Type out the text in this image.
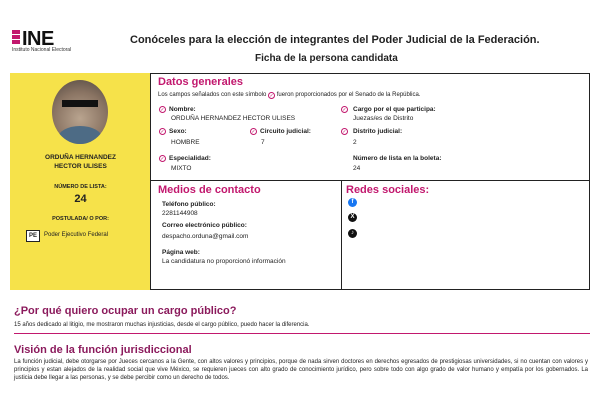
INE
Instituto Nacional Electoral
Conóceles para la elección de integrantes del Poder Judicial de la Federación.
Ficha de la persona candidata
ORDUÑA HERNANDEZ
HECTOR ULISES
NÚMERO DE LISTA:
24
POSTULADA/ O POR:
PE	Poder Ejecutivo Federal
Datos generales
Los campos señalados con este símbolo ✓ fueron proporcionados por el Senado de la República.
✓ Nombre:
ORDUÑA HERNANDEZ HECTOR ULISES
✓ Cargo por el que participa:
Juezas/es de Distrito
✓ Sexo:
HOMBRE
✓ Circuito judicial:
7
✓ Distrito judicial:
2
✓ Especialidad:
MIXTO
Número de lista en la boleta:
24
Medios de contacto
Teléfono público:
2281144908
Correo electrónico público:
despacho.orduna@gmail.com
Página web:
La candidatura no proporcionó información
Redes sociales:
f
X
♪
¿Por qué quiero ocupar un cargo público?
15 años dedicado al litigio, me mostraron muchas injusticias, desde el cargo público, puedo hacer la diferencia.
Visión de la función jurisdiccional
La función judicial, debe otorgarse por Jueces cercanos a la Gente, con altos valores y principios, porque de nada sirven doctores en derechos egresados de prestigiosas universidades, si no cuentan con valores y principios y estan alejados de la realidad social que vive México, se requieren jueces con alto grado de conocimiento jurídico, pero sobre todo con algo grado de valor humano y empatía por los gobernados. La justicia debe llegar a las personas, y se debe percibir como un derecho de todos.
